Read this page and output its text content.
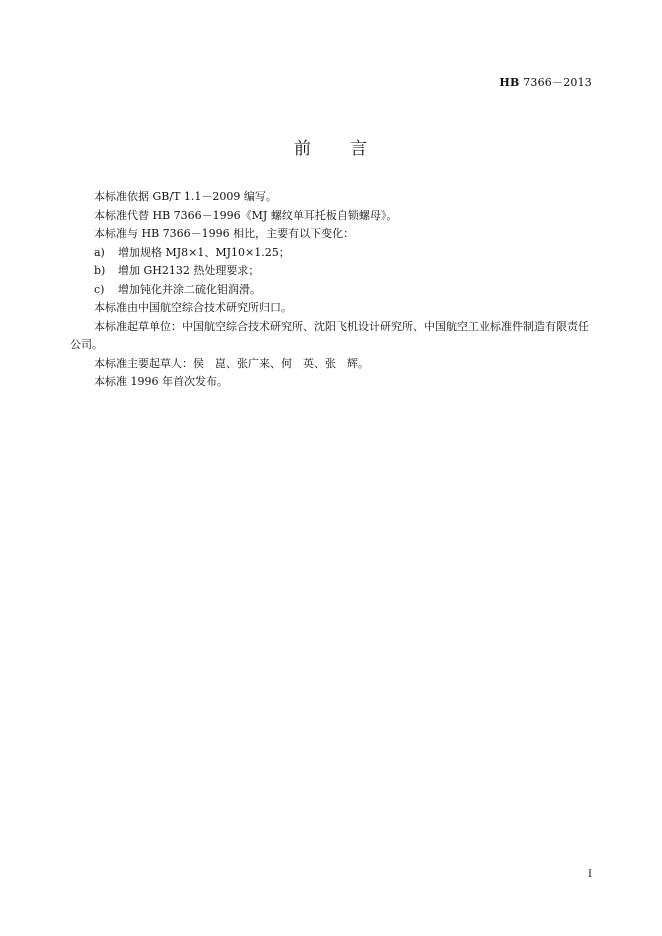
HB 7366－2013
前 言

本标准依据 GB/T 1.1－2009 编写。

本标准代替 HB 7366－1996《MJ 螺纹单耳托板自锁螺母》。

本标准与 HB 7366－1996 相比，主要有以下变化：

a)	增加规格 MJ8×1、MJ10×1.25；
b)	增加 GH2132 热处理要求；
c)	增加钝化并涂二硫化钼润滑。

本标准由中国航空综合技术研究所归口。

本标准起草单位：中国航空综合技术研究所、沈阳飞机设计研究所、中国航空工业标准件制造有限责任公司。

本标准主要起草人：侯　崑、张广来、何　英、张　辉。

本标准 1996 年首次发布。

I
